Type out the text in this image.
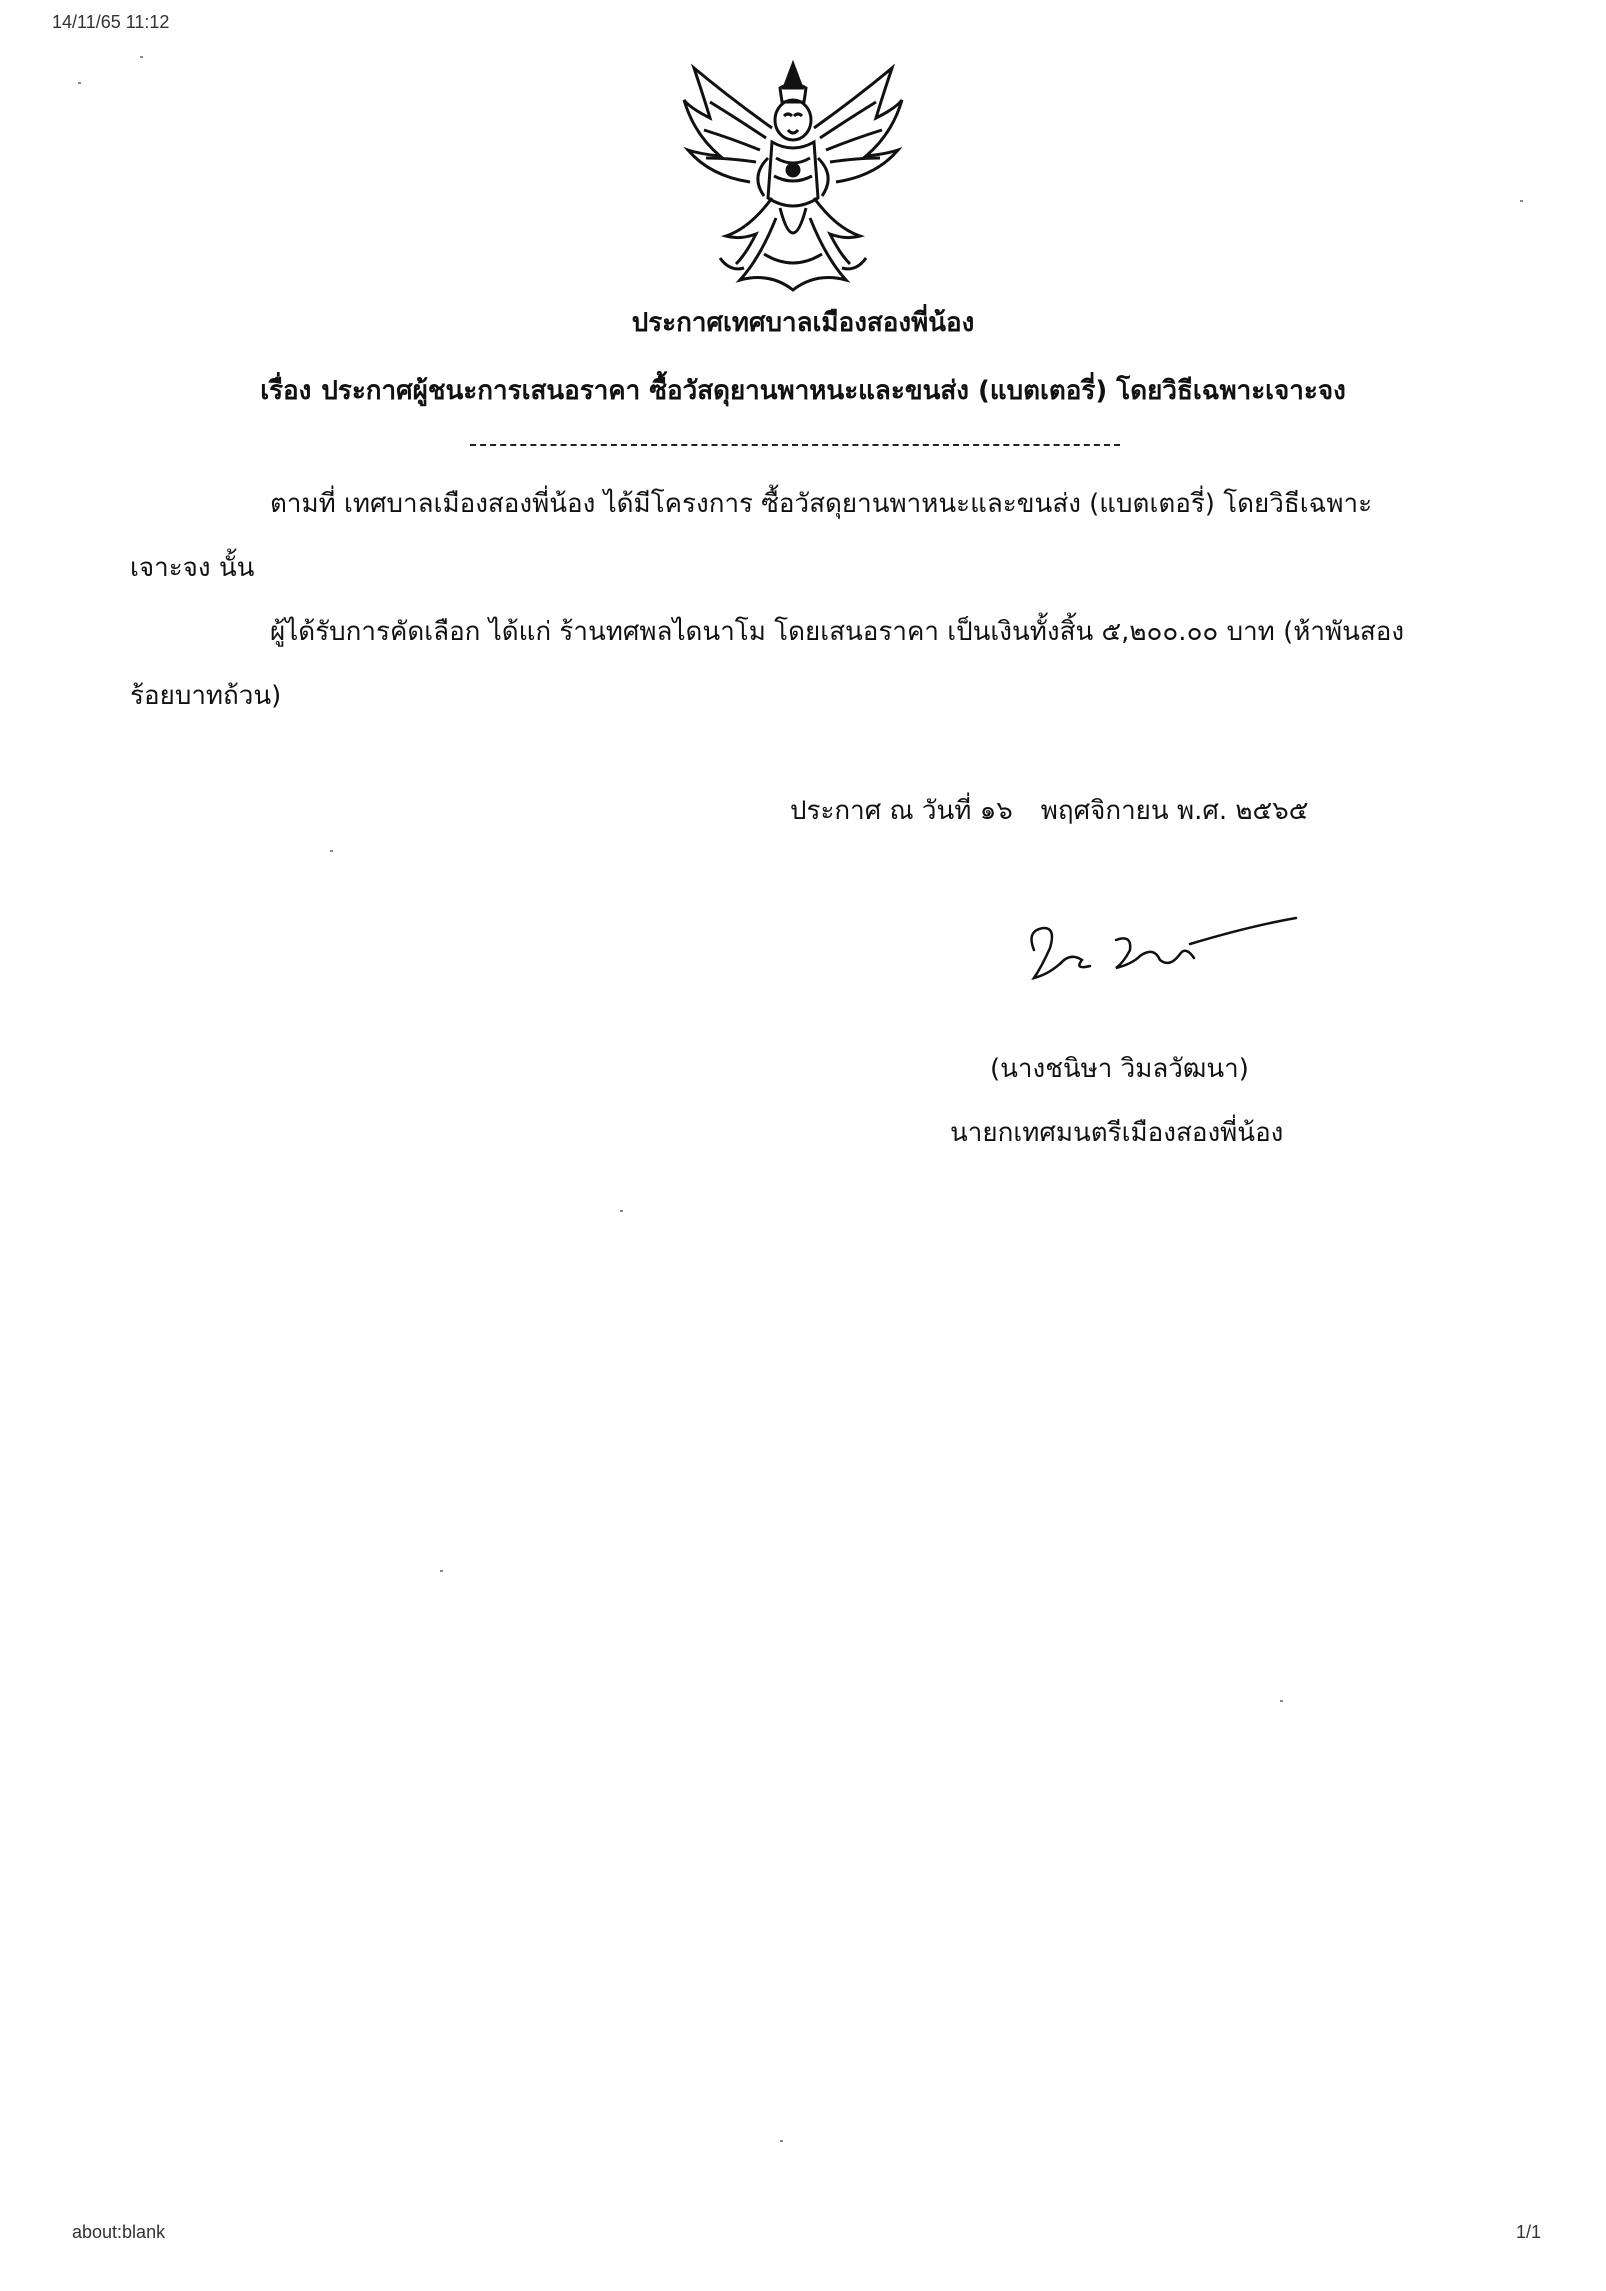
14/11/65 11:12
about:blank	1/1
ประกาศเทศบาลเมืองสองพี่น้อง
เรื่อง ประกาศผู้ชนะการเสนอราคา ซื้อวัสดุยานพาหนะและขนส่ง (แบตเตอรี่) โดยวิธีเฉพาะเจาะจง
ตามที่ เทศบาลเมืองสองพี่น้อง ได้มีโครงการ ซื้อวัสดุยานพาหนะและขนส่ง (แบตเตอรี่) โดยวิธีเฉพาะ
เจาะจง นั้น
ผู้ได้รับการคัดเลือก ได้แก่ ร้านทศพลไดนาโม โดยเสนอราคา เป็นเงินทั้งสิ้น ๕,๒๐๐.๐๐ บาท (ห้าพันสอง
ร้อยบาทถ้วน)
ประกาศ ณ วันที่ ๑๖ พฤศจิกายน พ.ศ. ๒๕๖๕
(นางชนิษา วิมลวัฒนา)
นายกเทศมนตรีเมืองสองพี่น้อง
